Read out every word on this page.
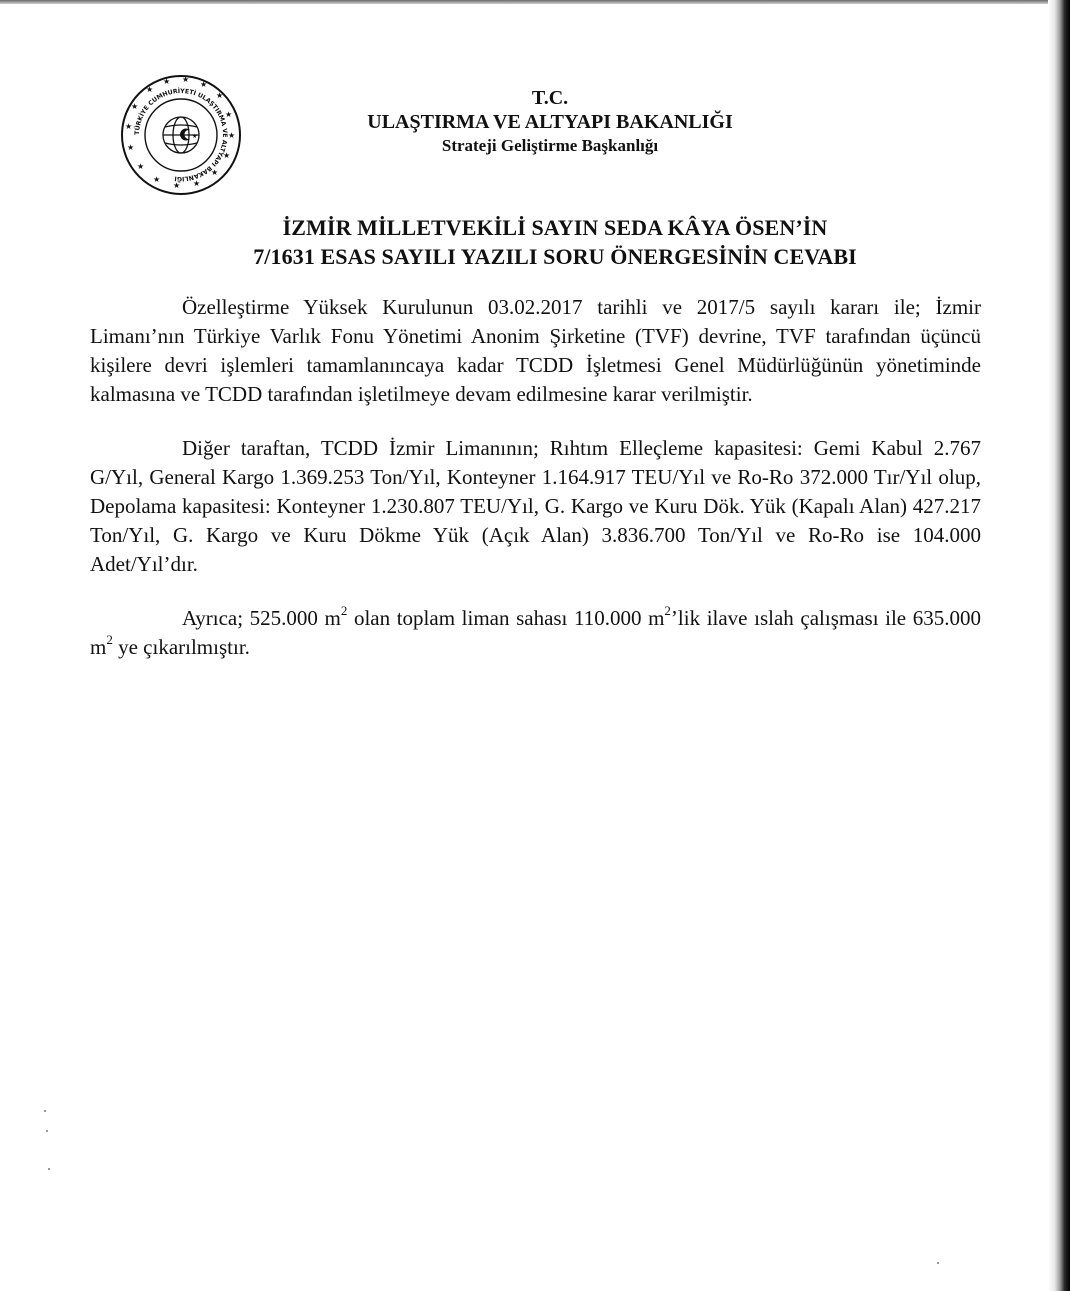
★
★ ★
★
★
★
★
★
★
★
★
★
★
★
★
★
TÜRKİYE CUMHURİYETİ ULAŞTIRMA VE ALTYAPI BAKANLIĞI
★
T.C.
ULAŞTIRMA VE ALTYAPI BAKANLIĞI
Strateji Geliştirme Başkanlığı
İZMİR MİLLETVEKİLİ SAYIN SEDA KÂYA ÖSEN’İN
7/1631 ESAS SAYILI YAZILI SORU ÖNERGESİNİN CEVABI

Özelleştirme Yüksek Kurulunun 03.02.2017 tarihli ve 2017/5 sayılı kararı ile; İzmir Limanı’nın Türkiye Varlık Fonu Yönetimi Anonim Şirketine (TVF) devrine, TVF tarafından üçüncü kişilere devri işlemleri tamamlanıncaya kadar TCDD İşletmesi Genel Müdürlüğünün yönetiminde kalmasına ve TCDD tarafından işletilmeye devam edilmesine karar verilmiştir.

Diğer taraftan, TCDD İzmir Limanının; Rıhtım Elleçleme kapasitesi: Gemi Kabul 2.767 G/Yıl, General Kargo 1.369.253 Ton/Yıl, Konteyner 1.164.917 TEU/Yıl ve Ro-Ro 372.000 Tır/Yıl olup, Depolama kapasitesi: Konteyner 1.230.807 TEU/Yıl, G. Kargo ve Kuru Dök. Yük (Kapalı Alan) 427.217 Ton/Yıl, G. Kargo ve Kuru Dökme Yük (Açık Alan) 3.836.700 Ton/Yıl ve Ro-Ro ise 104.000 Adet/Yıl’dır.

Ayrıca; 525.000 $m^2$ olan toplam liman sahası 110.000 $m^2’lik$ ilave ıslah çalışması ile 635.000 $m^2$ ye çıkarılmıştır.
